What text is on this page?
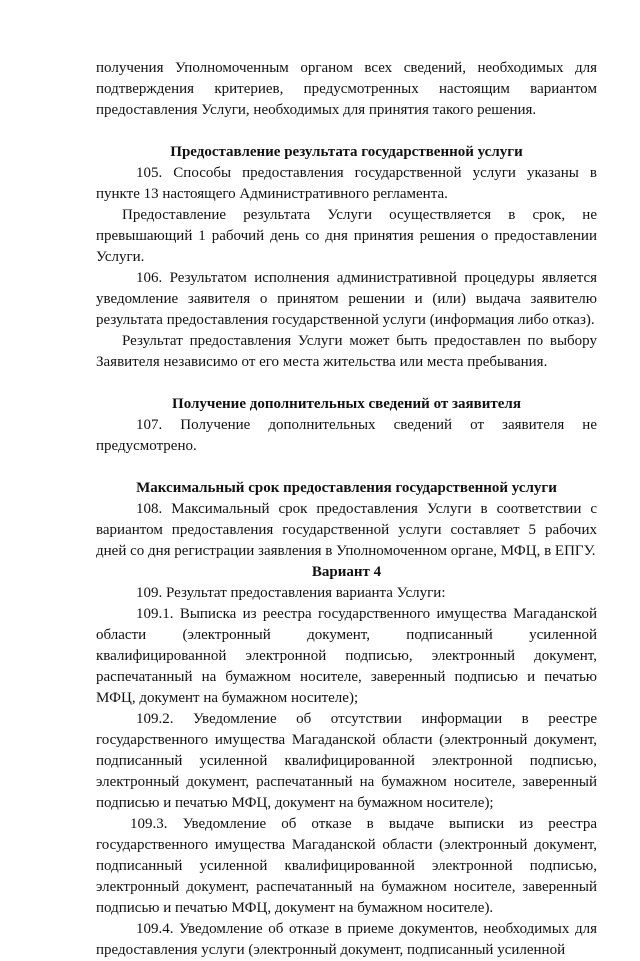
получения Уполномоченным органом всех сведений, необходимых для подтверждения критериев, предусмотренных настоящим вариантом предоставления Услуги, необходимых для принятия такого решения.

Предоставление результата государственной услуги

105. Способы предоставления государственной услуги указаны в пункте 13 настоящего Административного регламента.

Предоставление результата Услуги осуществляется в срок, не превышающий 1 рабочий день со дня принятия решения о предоставлении Услуги.

106. Результатом исполнения административной процедуры является уведомление заявителя о принятом решении и (или) выдача заявителю результата предоставления государственной услуги (информация либо отказ).

Результат предоставления Услуги может быть предоставлен по выбору Заявителя независимо от его места жительства или места пребывания.

Получение дополнительных сведений от заявителя

107. Получение дополнительных сведений от заявителя не предусмотрено.

Максимальный срок предоставления государственной услуги

108. Максимальный срок предоставления Услуги в соответствии с вариантом предоставления государственной услуги составляет 5 рабочих дней со дня регистрации заявления в Уполномоченном органе, МФЦ, в ЕПГУ.

Вариант 4

109. Результат предоставления варианта Услуги:

109.1. Выписка из реестра государственного имущества Магаданской области (электронный документ, подписанный усиленной квалифицированной электронной подписью, электронный документ, распечатанный на бумажном носителе, заверенный подписью и печатью МФЦ, документ на бумажном носителе);

109.2. Уведомление об отсутствии информации в реестре государственного имущества Магаданской области (электронный документ, подписанный усиленной квалифицированной электронной подписью, электронный документ, распечатанный на бумажном носителе, заверенный подписью и печатью МФЦ, документ на бумажном носителе);

109.3. Уведомление об отказе в выдаче выписки из реестра государственного имущества Магаданской области (электронный документ, подписанный усиленной квалифицированной электронной подписью, электронный документ, распечатанный на бумажном носителе, заверенный подписью и печатью МФЦ, документ на бумажном носителе).

109.4. Уведомление об отказе в приеме документов, необходимых для предоставления услуги (электронный документ, подписанный усиленной
